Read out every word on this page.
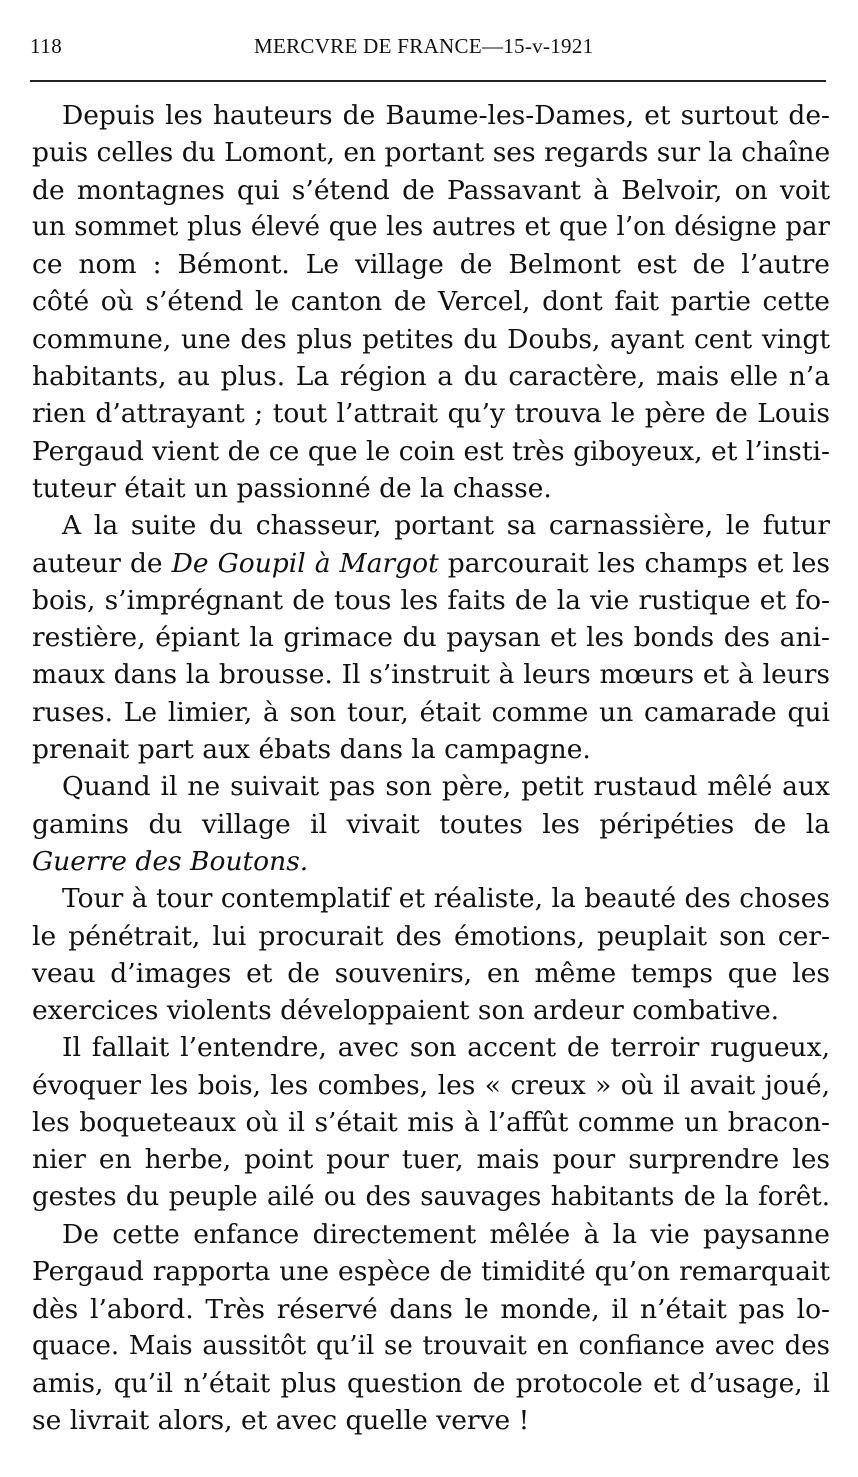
118	MERCVRE DE FRANCE—15-v-1921
Depuis les hauteurs de Baume-les-Dames, et surtout de-
puis celles du Lomont, en portant ses regards sur la chaîne
de montagnes qui s’étend de Passavant à Belvoir, on voit
un sommet plus élevé que les autres et que l’on désigne par
ce nom : Bémont. Le village de Belmont est de l’autre
côté où s’étend le canton de Vercel, dont fait partie cette
commune, une des plus petites du Doubs, ayant cent vingt
habitants, au plus. La région a du caractère, mais elle n’a
rien d’attrayant ; tout l’attrait qu’y trouva le père de Louis
Pergaud vient de ce que le coin est très giboyeux, et l’insti-
tuteur était un passionné de la chasse.
A la suite du chasseur, portant sa carnassière, le futur
auteur de De Goupil à Margot parcourait les champs et les
bois, s’imprégnant de tous les faits de la vie rustique et fo-
restière, épiant la grimace du paysan et les bonds des ani-
maux dans la brousse. Il s’instruit à leurs mœurs et à leurs
ruses. Le limier, à son tour, était comme un camarade qui
prenait part aux ébats dans la campagne.
Quand il ne suivait pas son père, petit rustaud mêlé aux
gamins du village il vivait toutes les péripéties de la
Guerre des Boutons.
Tour à tour contemplatif et réaliste, la beauté des choses
le pénétrait, lui procurait des émotions, peuplait son cer-
veau d’images et de souvenirs, en même temps que les
exercices violents développaient son ardeur combative.
Il fallait l’entendre, avec son accent de terroir rugueux,
évoquer les bois, les combes, les « creux » où il avait joué,
les boqueteaux où il s’était mis à l’affût comme un bracon-
nier en herbe, point pour tuer, mais pour surprendre les
gestes du peuple ailé ou des sauvages habitants de la forêt.
De cette enfance directement mêlée à la vie paysanne
Pergaud rapporta une espèce de timidité qu’on remarquait
dès l’abord. Très réservé dans le monde, il n’était pas lo-
quace. Mais aussitôt qu’il se trouvait en confiance avec des
amis, qu’il n’était plus question de protocole et d’usage, il
se livrait alors, et avec quelle verve !
